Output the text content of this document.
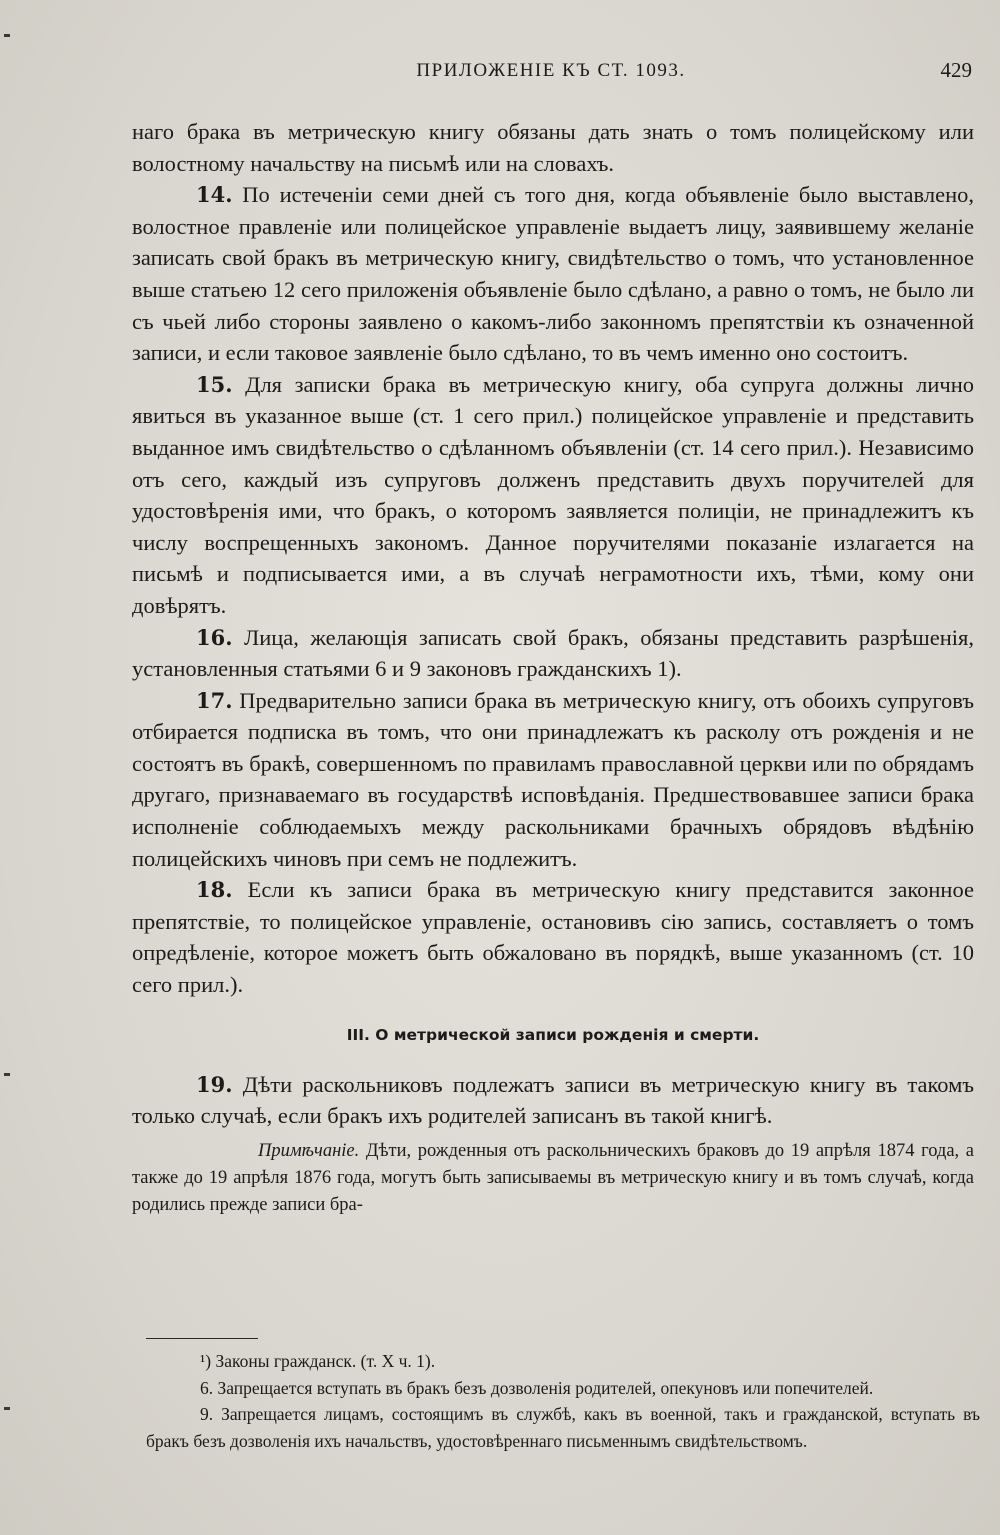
ПРИЛОЖЕНІЕ КЪ СТ. 1093.	429

наго брака въ метрическую книгу обязаны дать знать о томъ полицейскому или волостному начальству на письмѣ или на словахъ.

14. По истеченіи семи дней съ того дня, когда объявленіе было выставлено, волостное правленіе или полицейское управленіе выдаетъ лицу, заявившему желаніе записать свой бракъ въ метрическую книгу, свидѣтельство о томъ, что установленное выше статьею 12 сего приложенія объявленіе было сдѣлано, а равно о томъ, не было ли съ чьей либо стороны заявлено о какомъ-либо законномъ препятствіи къ означенной записи, и если таковое заявленіе было сдѣлано, то въ чемъ именно оно состоитъ.

15. Для записки брака въ метрическую книгу, оба супруга должны лично явиться въ указанное выше (ст. 1 сего прил.) полицейское управленіе и представить выданное имъ свидѣтельство о сдѣланномъ объявленіи (ст. 14 сего прил.). Независимо отъ сего, каждый изъ супруговъ долженъ представить двухъ поручителей для удостовѣренія ими, что бракъ, о которомъ заявляется полиціи, не принадлежитъ къ числу воспрещенныхъ закономъ. Данное поручителями показаніе излагается на письмѣ и подписывается ими, а въ случаѣ неграмотности ихъ, тѣми, кому они довѣрятъ.

16. Лица, желающія записать свой бракъ, обязаны представить разрѣшенія, установленныя статьями 6 и 9 законовъ гражданскихъ 1).

17. Предварительно записи брака въ метрическую книгу, отъ обоихъ супруговъ отбирается подписка въ томъ, что они принадлежатъ къ расколу отъ рожденія и не состоятъ въ бракѣ, совершенномъ по правиламъ православной церкви или по обрядамъ другаго, признаваемаго въ государствѣ исповѣданія. Предшествовавшее записи брака исполненіе соблюдаемыхъ между раскольниками брачныхъ обрядовъ вѣдѣнію полицейскихъ чиновъ при семъ не подлежитъ.

18. Если къ записи брака въ метрическую книгу представится законное препятствіе, то полицейское управленіе, остановивъ сію запись, составляетъ о томъ опредѣленіе, которое можетъ быть обжаловано въ порядкѣ, выше указанномъ (ст. 10 сего прил.).

III. О метрической записи рожденія и смерти.

19. Дѣти раскольниковъ подлежатъ записи въ метрическую книгу въ такомъ только случаѣ, если бракъ ихъ родителей записанъ въ такой книгѣ.

Примѣчаніе. Дѣти, рожденныя отъ раскольническихъ браковъ до 19 апрѣля 1874 года, а также до 19 апрѣля 1876 года, могутъ быть записываемы въ метрическую книгу и въ томъ случаѣ, когда родились прежде записи бра-

¹) Законы гражданск. (т. X ч. 1).

6. Запрещается вступать въ бракъ безъ дозволенія родителей, опекуновъ или попечителей.

9. Запрещается лицамъ, состоящимъ въ службѣ, какъ въ военной, такъ и гражданской, вступать въ бракъ безъ дозволенія ихъ начальствъ, удостовѣреннаго письменнымъ свидѣтельствомъ.
